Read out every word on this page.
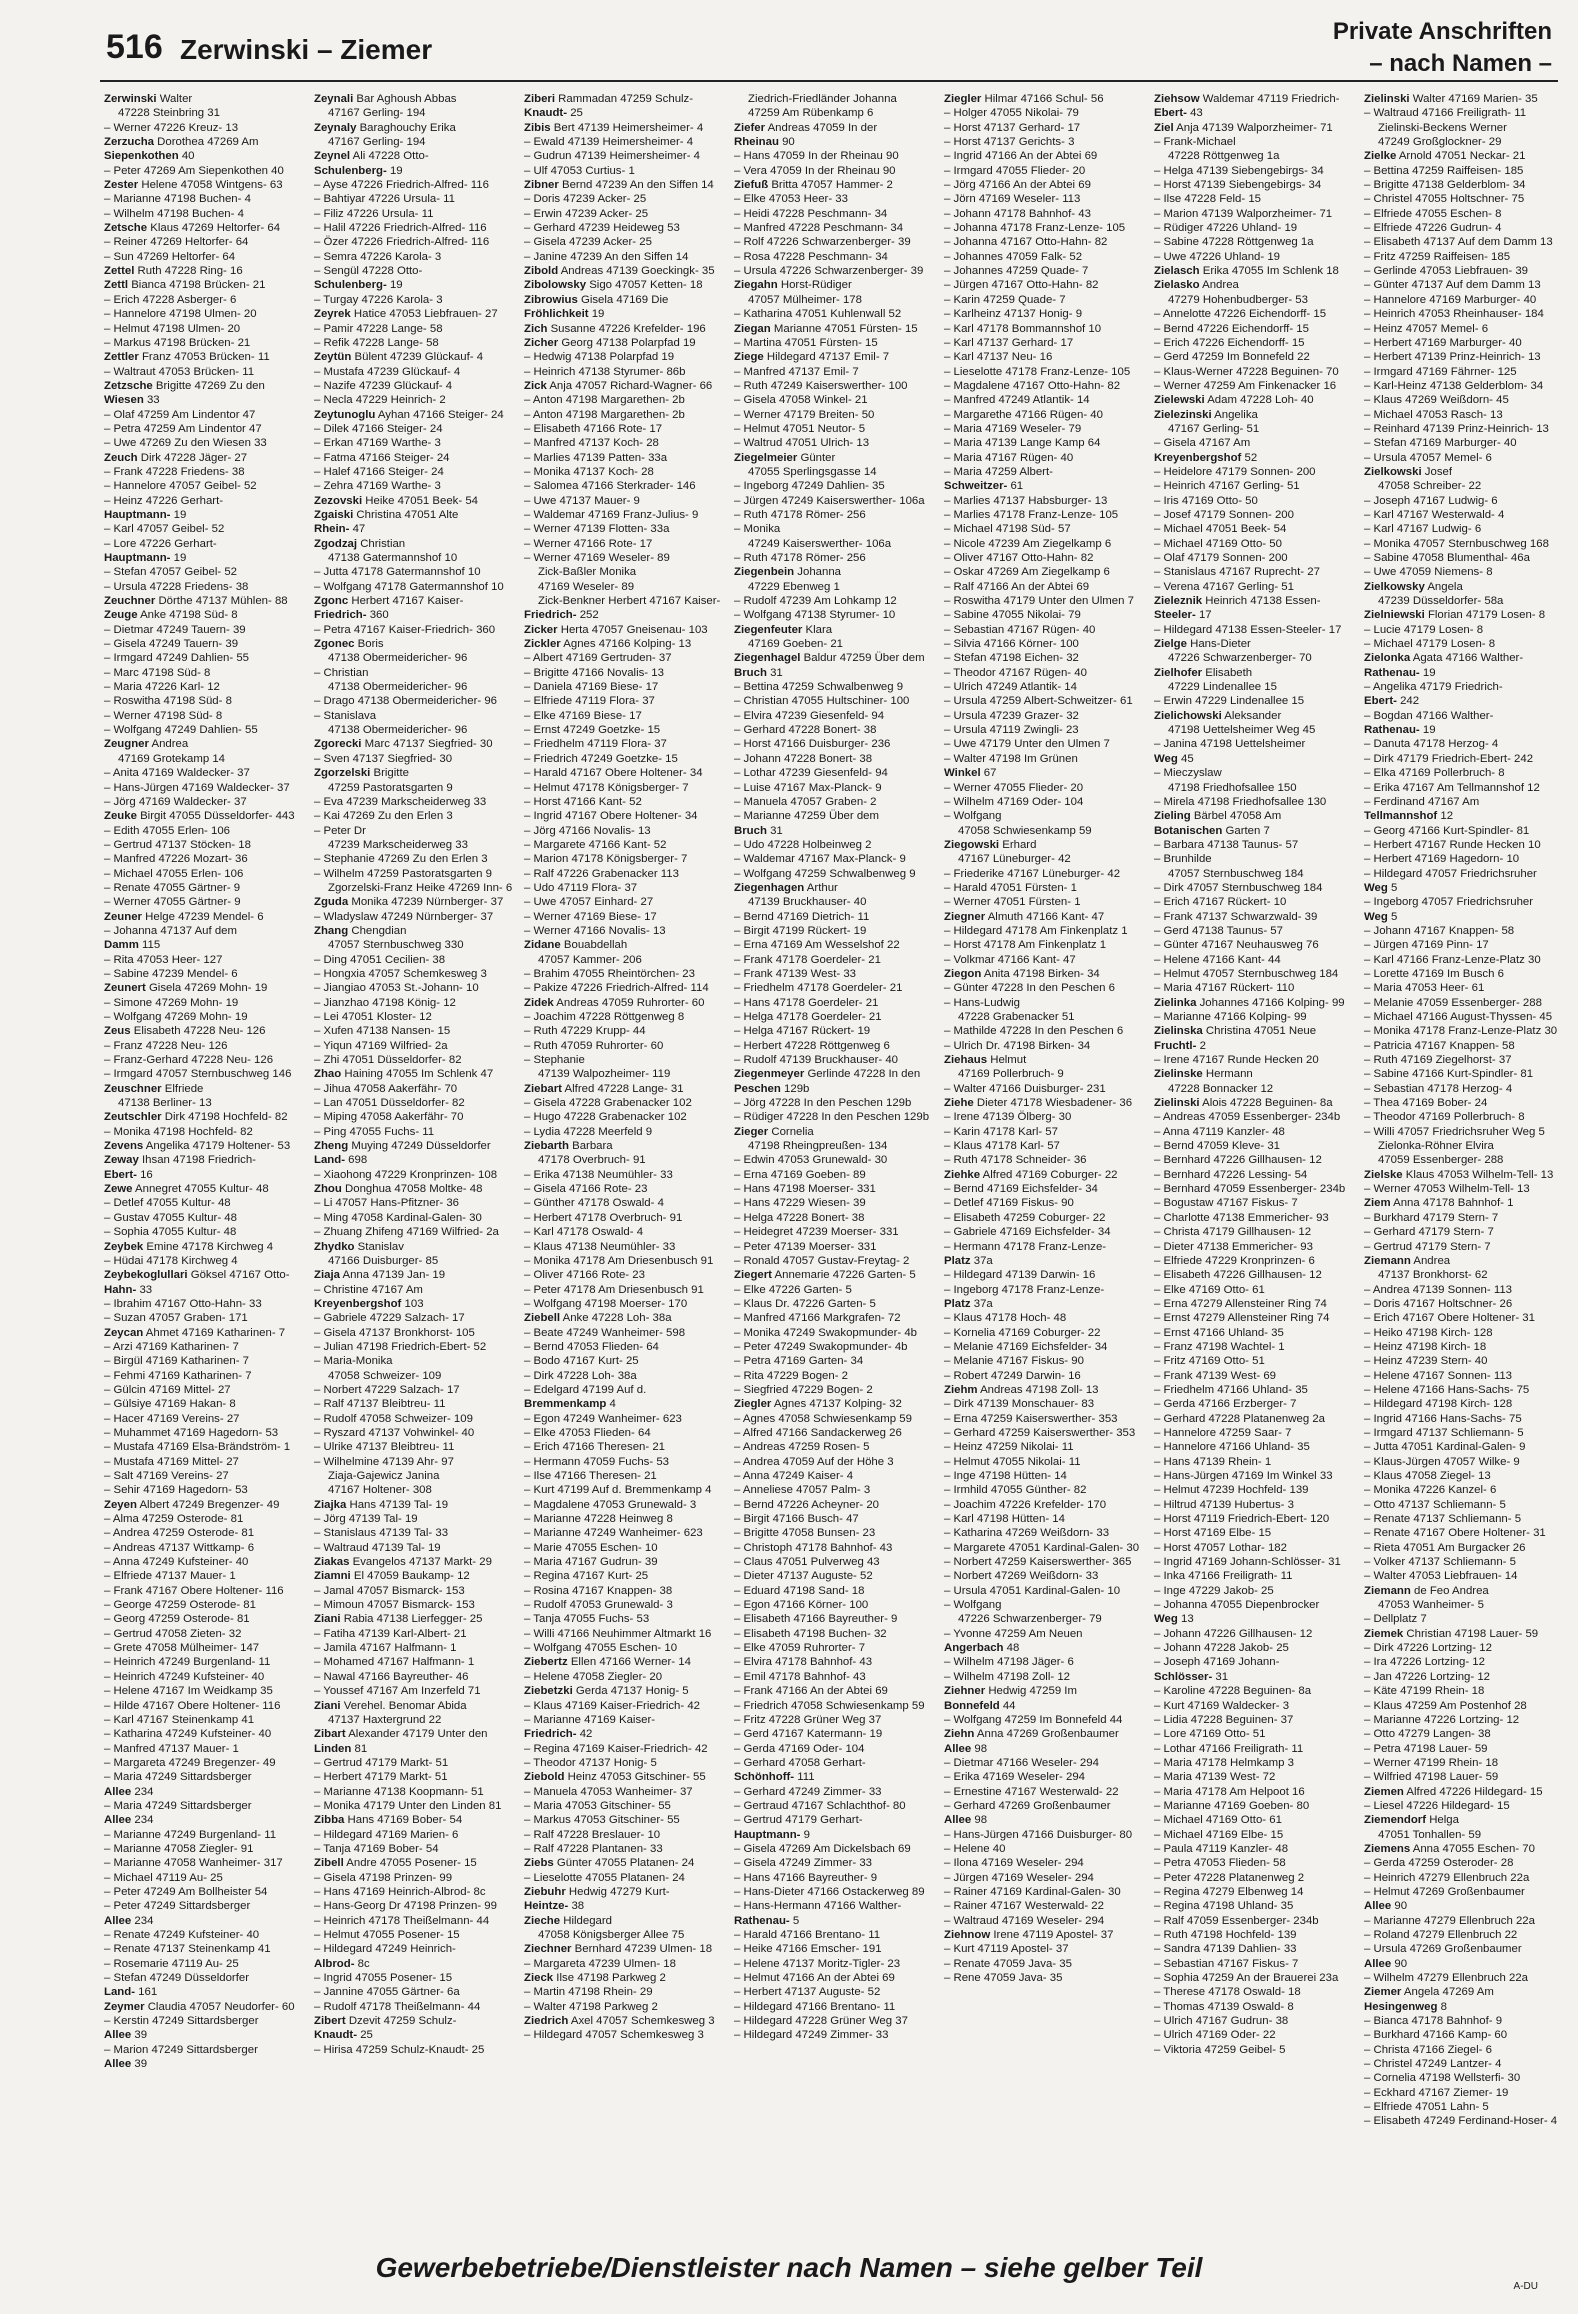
516 Zerwinski – Ziemer
Private Anschriften
– nach Namen –
Zerwinski Walter
47228 Steinbring 31
– Werner 47226 Kreuz- 13
Zerzucha Dorothea 47269 Am
Siepenkothen 40
– Peter 47269 Am Siepenkothen 40
Zester Helene 47058 Wintgens- 63
– Marianne 47198 Buchen- 4
– Wilhelm 47198 Buchen- 4
Zetsche Klaus 47269 Heltorfer- 64
– Reiner 47269 Heltorfer- 64
– Sun 47269 Heltorfer- 64
Zettel Ruth 47228 Ring- 16
Zettl Bianca 47198 Brücken- 21
– Erich 47228 Asberger- 6
– Hannelore 47198 Ulmen- 20
– Helmut 47198 Ulmen- 20
– Markus 47198 Brücken- 21
Zettler Franz 47053 Brücken- 11
– Waltraut 47053 Brücken- 11
Zetzsche Brigitte 47269 Zu den
Wiesen 33
– Olaf 47259 Am Lindentor 47
– Petra 47259 Am Lindentor 47
– Uwe 47269 Zu den Wiesen 33
Zeuch Dirk 47228 Jäger- 27
– Frank 47228 Friedens- 38
– Hannelore 47057 Geibel- 52
– Heinz 47226 Gerhart-
Hauptmann- 19
– Karl 47057 Geibel- 52
– Lore 47226 Gerhart-
Hauptmann- 19
– Stefan 47057 Geibel- 52
– Ursula 47228 Friedens- 38
Zeuchner Dörthe 47137 Mühlen- 88
Zeuge Anke 47198 Süd- 8
– Dietmar 47249 Tauern- 39
– Gisela 47249 Tauern- 39
– Irmgard 47249 Dahlien- 55
– Marc 47198 Süd- 8
– Maria 47226 Karl- 12
– Roswitha 47198 Süd- 8
– Werner 47198 Süd- 8
– Wolfgang 47249 Dahlien- 55
Zeugner Andrea
47169 Grotekamp 14
– Anita 47169 Waldecker- 37
– Hans-Jürgen 47169 Waldecker- 37
– Jörg 47169 Waldecker- 37
Zeuke Birgit 47055 Düsseldorfer- 443
– Edith 47055 Erlen- 106
– Gertrud 47137 Stöcken- 18
– Manfred 47226 Mozart- 36
– Michael 47055 Erlen- 106
– Renate 47055 Gärtner- 9
– Werner 47055 Gärtner- 9
Zeuner Helge 47239 Mendel- 6
– Johanna 47137 Auf dem
Damm 115
– Rita 47053 Heer- 127
– Sabine 47239 Mendel- 6
Zeunert Gisela 47269 Mohn- 19
– Simone 47269 Mohn- 19
– Wolfgang 47269 Mohn- 19
Zeus Elisabeth 47228 Neu- 126
– Franz 47228 Neu- 126
– Franz-Gerhard 47228 Neu- 126
– Irmgard 47057 Sternbuschweg 146
Zeuschner Elfriede
47138 Berliner- 13
Zeutschler Dirk 47198 Hochfeld- 82
– Monika 47198 Hochfeld- 82
Zevens Angelika 47179 Holtener- 53
Zeway Ihsan 47198 Friedrich-
Ebert- 16
Zewe Annegret 47055 Kultur- 48
– Detlef 47055 Kultur- 48
– Gustav 47055 Kultur- 48
– Sophia 47055 Kultur- 48
Zeybek Emine 47178 Kirchweg 4
– Hüdai 47178 Kirchweg 4
Zeybekoglullari Göksel 47167 Otto-
Hahn- 33
– Ibrahim 47167 Otto-Hahn- 33
– Suzan 47057 Graben- 171
Zeycan Ahmet 47169 Katharinen- 7
– Arzi 47169 Katharinen- 7
– Birgül 47169 Katharinen- 7
– Fehmi 47169 Katharinen- 7
– Gülcin 47169 Mittel- 27
– Gülsiye 47169 Hakan- 8
– Hacer 47169 Vereins- 27
– Muhammet 47169 Hagedorn- 53
– Mustafa 47169 Elsa-Brändström- 1
– Mustafa 47169 Mittel- 27
– Salt 47169 Vereins- 27
– Sehir 47169 Hagedorn- 53
Zeyen Albert 47249 Bregenzer- 49
– Alma 47259 Osterode- 81
– Andrea 47259 Osterode- 81
– Andreas 47137 Wittkamp- 6
– Anna 47249 Kufsteiner- 40
– Elfriede 47137 Mauer- 1
– Frank 47167 Obere Holtener- 116
– George 47259 Osterode- 81
– Georg 47259 Osterode- 81
– Gertrud 47058 Zieten- 32
– Grete 47058 Mülheimer- 147
– Heinrich 47249 Burgenland- 11
– Heinrich 47249 Kufsteiner- 40
– Helene 47167 Im Weidkamp 35
– Hilde 47167 Obere Holtener- 116
– Karl 47167 Steinenkamp 41
– Katharina 47249 Kufsteiner- 40
– Manfred 47137 Mauer- 1
– Margareta 47249 Bregenzer- 49
– Maria 47249 Sittardsberger
Allee 234
– Maria 47249 Sittardsberger
Allee 234
– Marianne 47249 Burgenland- 11
– Marianne 47058 Ziegler- 91
– Marianne 47058 Wanheimer- 317
– Michael 47119 Au- 25
– Peter 47249 Am Bollheister 54
– Peter 47249 Sittardsberger
Allee 234
– Renate 47249 Kufsteiner- 40
– Renate 47137 Steinenkamp 41
– Rosemarie 47119 Au- 25
– Stefan 47249 Düsseldorfer
Land- 161
Zeymer Claudia 47057 Neudorfer- 60
– Kerstin 47249 Sittardsberger
Allee 39
– Marion 47249 Sittardsberger
Allee 39
Zeynali Bar Aghoush Abbas
47167 Gerling- 194
Zeynaly Baraghouchy Erika
47167 Gerling- 194
Zeynel Ali 47228 Otto-
Schulenberg- 19
– Ayse 47226 Friedrich-Alfred- 116
– Bahtiyar 47226 Ursula- 11
– Filiz 47226 Ursula- 11
– Halil 47226 Friedrich-Alfred- 116
– Özer 47226 Friedrich-Alfred- 116
– Semra 47226 Karola- 3
– Sengül 47228 Otto-
Schulenberg- 19
– Turgay 47226 Karola- 3
Zeyrek Hatice 47053 Liebfrauen- 27
– Pamir 47228 Lange- 58
– Refik 47228 Lange- 58
Zeytün Bülent 47239 Glückauf- 4
– Mustafa 47239 Glückauf- 4
– Nazife 47239 Glückauf- 4
– Necla 47229 Heinrich- 2
Zeytunoglu Ayhan 47166 Steiger- 24
– Dilek 47166 Steiger- 24
– Erkan 47169 Warthe- 3
– Fatma 47166 Steiger- 24
– Halef 47166 Steiger- 24
– Zehra 47169 Warthe- 3
Zezovski Heike 47051 Beek- 54
Zgaiski Christina 47051 Alte
Rhein- 47
Zgodzaj Christian
47138 Gatermannshof 10
– Jutta 47178 Gatermannshof 10
– Wolfgang 47178 Gatermannshof 10
Zgonc Herbert 47167 Kaiser-
Friedrich- 360
– Petra 47167 Kaiser-Friedrich- 360
Zgonec Boris
47138 Obermeidericher- 96
– Christian
47138 Obermeidericher- 96
– Drago 47138 Obermeidericher- 96
– Stanislava
47138 Obermeidericher- 96
Zgorecki Marc 47137 Siegfried- 30
– Sven 47137 Siegfried- 30
Zgorzelski Brigitte
47259 Pastoratsgarten 9
– Eva 47239 Markscheiderweg 33
– Kai 47269 Zu den Erlen 3
– Peter Dr
47239 Markscheiderweg 33
– Stephanie 47269 Zu den Erlen 3
– Wilhelm 47259 Pastoratsgarten 9
Zgorzelski-Franz Heike 47269 Inn- 6
Zguda Monika 47239 Nürnberger- 37
– Wladyslaw 47249 Nürnberger- 37
Zhang Chengdian
47057 Sternbuschweg 330
– Ding 47051 Cecilien- 38
– Hongxia 47057 Schemkesweg 3
– Jiangiao 47053 St.-Johann- 10
– Jianzhao 47198 König- 12
– Lei 47051 Kloster- 12
– Xufen 47138 Nansen- 15
– Yiqun 47169 Wilfried- 2a
– Zhi 47051 Düsseldorfer- 82
Zhao Haining 47055 Im Schlenk 47
– Jihua 47058 Aakerfähr- 70
– Lan 47051 Düsseldorfer- 82
– Miping 47058 Aakerfähr- 70
– Ping 47055 Fuchs- 11
Zheng Muying 47249 Düsseldorfer
Land- 698
– Xiaohong 47229 Kronprinzen- 108
Zhou Donghua 47058 Moltke- 48
– Li 47057 Hans-Pfitzner- 36
– Ming 47058 Kardinal-Galen- 30
– Zhuang Zhifeng 47169 Wilfried- 2a
Zhydko Stanislav
47166 Duisburger- 85
Ziaja Anna 47139 Jan- 19
– Christine 47167 Am
Kreyenbergshof 103
– Gabriele 47229 Salzach- 17
– Gisela 47137 Bronkhorst- 105
– Julian 47198 Friedrich-Ebert- 52
– Maria-Monika
47058 Schweizer- 109
– Norbert 47229 Salzach- 17
– Ralf 47137 Bleibtreu- 11
– Rudolf 47058 Schweizer- 109
– Ryszard 47137 Vohwinkel- 40
– Ulrike 47137 Bleibtreu- 11
– Wilhelmine 47139 Ahr- 97
Ziaja-Gajewicz Janina
47167 Holtener- 308
Ziajka Hans 47139 Tal- 19
– Jörg 47139 Tal- 19
– Stanislaus 47139 Tal- 33
– Waltraud 47139 Tal- 19
Ziakas Evangelos 47137 Markt- 29
Ziamni El 47059 Baukamp- 12
– Jamal 47057 Bismarck- 153
– Mimoun 47057 Bismarck- 153
Ziani Rabia 47138 Lierfegger- 25
– Fatiha 47139 Karl-Albert- 21
– Jamila 47167 Halfmann- 1
– Mohamed 47167 Halfmann- 1
– Nawal 47166 Bayreuther- 46
– Youssef 47167 Am Inzerfeld 71
Ziani Verehel. Benomar Abida
47137 Haxtergrund 22
Zibart Alexander 47179 Unter den
Linden 81
– Gertrud 47179 Markt- 51
– Herbert 47179 Markt- 51
– Marianne 47138 Koopmann- 51
– Monika 47179 Unter den Linden 81
Zibba Hans 47169 Bober- 54
– Hildegard 47169 Marien- 6
– Tanja 47169 Bober- 54
Zibell Andre 47055 Posener- 15
– Gisela 47198 Prinzen- 99
– Hans 47169 Heinrich-Albrod- 8c
– Hans-Georg Dr 47198 Prinzen- 99
– Heinrich 47178 Theißelmann- 44
– Helmut 47055 Posener- 15
– Hildegard 47249 Heinrich-
Albrod- 8c
– Ingrid 47055 Posener- 15
– Jannine 47055 Gärtner- 6a
– Rudolf 47178 Theißelmann- 44
Zibert Dzevit 47259 Schulz-
Knaudt- 25
– Hirisa 47259 Schulz-Knaudt- 25
Ziberi Rammadan 47259 Schulz-
Knaudt- 25
Zibis Bert 47139 Heimersheimer- 4
– Ewald 47139 Heimersheimer- 4
– Gudrun 47139 Heimersheimer- 4
– Ulf 47053 Curtius- 1
Zibner Bernd 47239 An den Siffen 14
– Doris 47239 Acker- 25
– Erwin 47239 Acker- 25
– Gerhard 47239 Heideweg 53
– Gisela 47239 Acker- 25
– Janine 47239 An den Siffen 14
Zibold Andreas 47139 Goeckingk- 35
Zibolowsky Sigo 47057 Ketten- 18
Zibrowius Gisela 47169 Die
Fröhlichkeit 19
Zich Susanne 47226 Krefelder- 196
Zicher Georg 47138 Polarpfad 19
– Hedwig 47138 Polarpfad 19
– Heinrich 47138 Styrumer- 86b
Zick Anja 47057 Richard-Wagner- 66
– Anton 47198 Margarethen- 2b
– Anton 47198 Margarethen- 2b
– Elisabeth 47166 Rote- 17
– Manfred 47137 Koch- 28
– Marlies 47139 Patten- 33a
– Monika 47137 Koch- 28
– Salomea 47166 Sterkrader- 146
– Uwe 47137 Mauer- 9
– Waldemar 47169 Franz-Julius- 9
– Werner 47139 Flotten- 33a
– Werner 47166 Rote- 17
– Werner 47169 Weseler- 89
Zick-Baßler Monika
47169 Weseler- 89
Zick-Benkner Herbert 47167 Kaiser-
Friedrich- 252
Zicker Herta 47057 Gneisenau- 103
Zickler Agnes 47166 Kolping- 13
– Albert 47169 Gertruden- 37
– Brigitte 47166 Novalis- 13
– Daniela 47169 Biese- 17
– Elfriede 47119 Flora- 37
– Elke 47169 Biese- 17
– Ernst 47249 Goetzke- 15
– Friedhelm 47119 Flora- 37
– Friedrich 47249 Goetzke- 15
– Harald 47167 Obere Holtener- 34
– Helmut 47178 Königsberger- 7
– Horst 47166 Kant- 52
– Ingrid 47167 Obere Holtener- 34
– Jörg 47166 Novalis- 13
– Margarete 47166 Kant- 52
– Marion 47178 Königsberger- 7
– Ralf 47226 Grabenacker 113
– Udo 47119 Flora- 37
– Uwe 47057 Einhard- 27
– Werner 47169 Biese- 17
– Werner 47166 Novalis- 13
Zidane Bouabdellah
47057 Kammer- 206
– Brahim 47055 Rheintörchen- 23
– Pakize 47226 Friedrich-Alfred- 114
Zidek Andreas 47059 Ruhrorter- 60
– Joachim 47228 Röttgenweg 8
– Ruth 47229 Krupp- 44
– Ruth 47059 Ruhrorter- 60
– Stephanie
47139 Walpozheimer- 119
Ziebart Alfred 47228 Lange- 31
– Gisela 47228 Grabenacker 102
– Hugo 47228 Grabenacker 102
– Lydia 47228 Meerfeld 9
Ziebarth Barbara
47178 Overbruch- 91
– Erika 47138 Neumühler- 33
– Gisela 47166 Rote- 23
– Günther 47178 Oswald- 4
– Herbert 47178 Overbruch- 91
– Karl 47178 Oswald- 4
– Klaus 47138 Neumühler- 33
– Monika 47178 Am Driesenbusch 91
– Oliver 47166 Rote- 23
– Peter 47178 Am Driesenbusch 91
– Wolfgang 47198 Moerser- 170
Ziebell Anke 47228 Loh- 38a
– Beate 47249 Wanheimer- 598
– Bernd 47053 Flieden- 64
– Bodo 47167 Kurt- 25
– Dirk 47228 Loh- 38a
– Edelgard 47199 Auf d.
Bremmenkamp 4
– Egon 47249 Wanheimer- 623
– Elke 47053 Flieden- 64
– Erich 47166 Theresen- 21
– Hermann 47059 Fuchs- 53
– Ilse 47166 Theresen- 21
– Kurt 47199 Auf d. Bremmenkamp 4
– Magdalene 47053 Grunewald- 3
– Marianne 47228 Heinweg 8
– Marianne 47249 Wanheimer- 623
– Marie 47055 Eschen- 10
– Maria 47167 Gudrun- 39
– Regina 47167 Kurt- 25
– Rosina 47167 Knappen- 38
– Rudolf 47053 Grunewald- 3
– Tanja 47055 Fuchs- 53
– Willi 47166 Neuhimmer Altmarkt 16
– Wolfgang 47055 Eschen- 10
Ziebertz Ellen 47166 Werner- 14
– Helene 47058 Ziegler- 20
Ziebetzki Gerda 47137 Honig- 5
– Klaus 47169 Kaiser-Friedrich- 42
– Marianne 47169 Kaiser-
Friedrich- 42
– Regina 47169 Kaiser-Friedrich- 42
– Theodor 47137 Honig- 5
Ziebold Heinz 47053 Gitschiner- 55
– Manuela 47053 Wanheimer- 37
– Maria 47053 Gitschiner- 55
– Markus 47053 Gitschiner- 55
– Ralf 47228 Breslauer- 10
– Ralf 47228 Plantanen- 33
Ziebs Günter 47055 Platanen- 24
– Lieselotte 47055 Platanen- 24
Ziebuhr Hedwig 47279 Kurt-
Heintze- 38
Zieche Hildegard
47058 Königsberger Allee 75
Ziechner Bernhard 47239 Ulmen- 18
– Margareta 47239 Ulmen- 18
Zieck Ilse 47198 Parkweg 2
– Martin 47198 Rhein- 29
– Walter 47198 Parkweg 2
Ziedrich Axel 47057 Schemkesweg 3
– Hildegard 47057 Schemkesweg 3
Ziedrich-Friedländer Johanna
47259 Am Rübenkamp 6
Ziefer Andreas 47059 In der
Rheinau 90
– Hans 47059 In der Rheinau 90
– Vera 47059 In der Rheinau 90
Ziefuß Britta 47057 Hammer- 2
– Elke 47053 Heer- 33
– Heidi 47228 Peschmann- 34
– Manfred 47228 Peschmann- 34
– Rolf 47226 Schwarzenberger- 39
– Rosa 47228 Peschmann- 34
– Ursula 47226 Schwarzenberger- 39
Ziegahn Horst-Rüdiger
47057 Mülheimer- 178
– Katharina 47051 Kuhlenwall 52
Ziegan Marianne 47051 Fürsten- 15
– Martina 47051 Fürsten- 15
Ziege Hildegard 47137 Emil- 7
– Manfred 47137 Emil- 7
– Ruth 47249 Kaiserswerther- 100
– Gisela 47058 Winkel- 21
– Werner 47179 Breiten- 50
– Helmut 47051 Neutor- 5
– Waltrud 47051 Ulrich- 13
Ziegelmeier Günter
47055 Sperlingsgasse 14
– Ingeborg 47249 Dahlien- 35
– Jürgen 47249 Kaiserswerther- 106a
– Ruth 47178 Römer- 256
– Monika
47249 Kaiserswerther- 106a
– Ruth 47178 Römer- 256
Ziegenbein Johanna
47229 Ebenweg 1
– Rudolf 47239 Am Lohkamp 12
– Wolfgang 47138 Styrumer- 10
Ziegenfeuter Klara
47169 Goeben- 21
Ziegenhagel Baldur 47259 Über dem
Bruch 31
– Bettina 47259 Schwalbenweg 9
– Christian 47055 Hultschiner- 100
– Elvira 47239 Giesenfeld- 94
– Gerhard 47228 Bonert- 38
– Horst 47166 Duisburger- 236
– Johann 47228 Bonert- 38
– Lothar 47239 Giesenfeld- 94
– Luise 47167 Max-Planck- 9
– Manuela 47057 Graben- 2
– Marianne 47259 Über dem
Bruch 31
– Udo 47228 Holbeinweg 2
– Waldemar 47167 Max-Planck- 9
– Wolfgang 47259 Schwalbenweg 9
Ziegenhagen Arthur
47139 Bruckhauser- 40
– Bernd 47169 Dietrich- 11
– Birgit 47199 Rückert- 19
– Erna 47169 Am Wesselshof 22
– Frank 47178 Goerdeler- 21
– Frank 47139 West- 33
– Friedhelm 47178 Goerdeler- 21
– Hans 47178 Goerdeler- 21
– Helga 47178 Goerdeler- 21
– Helga 47167 Rückert- 19
– Herbert 47228 Röttgenweg 6
– Rudolf 47139 Bruckhauser- 40
Ziegenmeyer Gerlinde 47228 In den
Peschen 129b
– Jörg 47228 In den Peschen 129b
– Rüdiger 47228 In den Peschen 129b
Zieger Cornelia
47198 Rheingpreußen- 134
– Edwin 47053 Grunewald- 30
– Erna 47169 Goeben- 89
– Hans 47198 Moerser- 331
– Hans 47229 Wiesen- 39
– Helga 47228 Bonert- 38
– Heidegret 47239 Moerser- 331
– Peter 47139 Moerser- 331
– Ronald 47057 Gustav-Freytag- 2
Ziegert Annemarie 47226 Garten- 5
– Elke 47226 Garten- 5
– Klaus Dr. 47226 Garten- 5
– Manfred 47166 Markgrafen- 72
– Monika 47249 Swakopmunder- 4b
– Peter 47249 Swakopmunder- 4b
– Petra 47169 Garten- 34
– Rita 47229 Bogen- 2
– Siegfried 47229 Bogen- 2
Ziegler Agnes 47137 Kolping- 32
– Agnes 47058 Schwiesenkamp 59
– Alfred 47166 Sandackerweg 26
– Andreas 47259 Rosen- 5
– Andrea 47059 Auf der Höhe 3
– Anna 47249 Kaiser- 4
– Anneliese 47057 Palm- 3
– Bernd 47226 Acheyner- 20
– Birgit 47166 Busch- 47
– Brigitte 47058 Bunsen- 23
– Christoph 47178 Bahnhof- 43
– Claus 47051 Pulverweg 43
– Dieter 47137 Auguste- 52
– Eduard 47198 Sand- 18
– Egon 47166 Körner- 100
– Elisabeth 47166 Bayreuther- 9
– Elisabeth 47198 Buchen- 32
– Elke 47059 Ruhrorter- 7
– Elvira 47178 Bahnhof- 43
– Emil 47178 Bahnhof- 43
– Frank 47166 An der Abtei 69
– Friedrich 47058 Schwiesenkamp 59
– Fritz 47228 Grüner Weg 37
– Gerd 47167 Katermann- 19
– Gerda 47169 Oder- 104
– Gerhard 47058 Gerhart-
Schönhoff- 111
– Gerhard 47249 Zimmer- 33
– Gertraud 47167 Schlachthof- 80
– Gertrud 47179 Gerhart-
Hauptmann- 9
– Gisela 47269 Am Dickelsbach 69
– Gisela 47249 Zimmer- 33
– Hans 47166 Bayreuther- 9
– Hans-Dieter 47166 Ostackerweg 89
– Hans-Hermann 47166 Walther-
Rathenau- 5
– Harald 47166 Brentano- 11
– Heike 47166 Emscher- 191
– Helene 47137 Moritz-Tigler- 23
– Helmut 47166 An der Abtei 69
– Herbert 47137 Auguste- 52
– Hildegard 47166 Brentano- 11
– Hildegard 47228 Grüner Weg 37
– Hildegard 47249 Zimmer- 33
Ziegler Hilmar 47166 Schul- 56
– Holger 47055 Nikolai- 79
– Horst 47137 Gerhard- 17
– Horst 47137 Gerichts- 3
– Ingrid 47166 An der Abtei 69
– Irmgard 47055 Flieder- 20
– Jörg 47166 An der Abtei 69
– Jörn 47169 Weseler- 113
– Johann 47178 Bahnhof- 43
– Johanna 47178 Franz-Lenze- 105
– Johanna 47167 Otto-Hahn- 82
– Johannes 47059 Falk- 52
– Johannes 47259 Quade- 7
– Jürgen 47167 Otto-Hahn- 82
– Karin 47259 Quade- 7
– Karlheinz 47137 Honig- 9
– Karl 47178 Bommannshof 10
– Karl 47137 Gerhard- 17
– Karl 47137 Neu- 16
– Lieselotte 47178 Franz-Lenze- 105
– Magdalene 47167 Otto-Hahn- 82
– Manfred 47249 Atlantik- 14
– Margarethe 47166 Rügen- 40
– Maria 47169 Weseler- 79
– Maria 47139 Lange Kamp 64
– Maria 47167 Rügen- 40
– Maria 47259 Albert-
Schweitzer- 61
– Marlies 47137 Habsburger- 13
– Marlies 47178 Franz-Lenze- 105
– Michael 47198 Süd- 57
– Nicole 47239 Am Ziegelkamp 6
– Oliver 47167 Otto-Hahn- 82
– Oskar 47269 Am Ziegelkamp 6
– Ralf 47166 An der Abtei 69
– Roswitha 47179 Unter den Ulmen 7
– Sabine 47055 Nikolai- 79
– Sebastian 47167 Rügen- 40
– Silvia 47166 Körner- 100
– Stefan 47198 Eichen- 32
– Theodor 47167 Rügen- 40
– Ulrich 47249 Atlantik- 14
– Ursula 47259 Albert-Schweitzer- 61
– Ursula 47239 Grazer- 32
– Ursula 47119 Zwingli- 23
– Uwe 47179 Unter den Ulmen 7
– Walter 47198 Im Grünen
Winkel 67
– Werner 47055 Flieder- 20
– Wilhelm 47169 Oder- 104
– Wolfgang
47058 Schwiesenkamp 59
Ziegowski Erhard
47167 Lüneburger- 42
– Friederike 47167 Lüneburger- 42
– Harald 47051 Fürsten- 1
– Werner 47051 Fürsten- 1
Ziegner Almuth 47166 Kant- 47
– Hildegard 47178 Am Finkenplatz 1
– Horst 47178 Am Finkenplatz 1
– Volkmar 47166 Kant- 47
Ziegon Anita 47198 Birken- 34
– Günter 47228 In den Peschen 6
– Hans-Ludwig
47228 Grabenacker 51
– Mathilde 47228 In den Peschen 6
– Ulrich Dr. 47198 Birken- 34
Ziehaus Helmut
47169 Pollerbruch- 9
– Walter 47166 Duisburger- 231
Ziehe Dieter 47178 Wiesbadener- 36
– Irene 47139 Ölberg- 30
– Karin 47178 Karl- 57
– Klaus 47178 Karl- 57
– Ruth 47178 Schneider- 36
Ziehke Alfred 47169 Coburger- 22
– Bernd 47169 Eichsfelder- 34
– Detlef 47169 Fiskus- 90
– Elisabeth 47259 Coburger- 22
– Gabriele 47169 Eichsfelder- 34
– Hermann 47178 Franz-Lenze-
Platz 37a
– Hildegard 47139 Darwin- 16
– Ingeborg 47178 Franz-Lenze-
Platz 37a
– Klaus 47178 Hoch- 48
– Kornelia 47169 Coburger- 22
– Melanie 47169 Eichsfelder- 34
– Melanie 47167 Fiskus- 90
– Robert 47249 Darwin- 16
Ziehm Andreas 47198 Zoll- 13
– Dirk 47139 Monschauer- 83
– Erna 47259 Kaiserswerther- 353
– Gerhard 47259 Kaiserswerther- 353
– Heinz 47259 Nikolai- 11
– Helmut 47055 Nikolai- 11
– Inge 47198 Hütten- 14
– Irmhild 47055 Günther- 82
– Joachim 47226 Krefelder- 170
– Karl 47198 Hütten- 14
– Katharina 47269 Weißdorn- 33
– Margarete 47051 Kardinal-Galen- 30
– Norbert 47259 Kaiserswerther- 365
– Norbert 47269 Weißdorn- 33
– Ursula 47051 Kardinal-Galen- 10
– Wolfgang
47226 Schwarzenberger- 79
– Yvonne 47259 Am Neuen
Angerbach 48
– Wilhelm 47198 Jäger- 6
– Wilhelm 47198 Zoll- 12
Ziehner Hedwig 47259 Im
Bonnefeld 44
– Wolfgang 47259 Im Bonnefeld 44
Ziehn Anna 47269 Großenbaumer
Allee 98
– Dietmar 47166 Weseler- 294
– Erika 47169 Weseler- 294
– Ernestine 47167 Westerwald- 22
– Gerhard 47269 Großenbaumer
Allee 98
– Hans-Jürgen 47166 Duisburger- 80
– Helene 40
– Ilona 47169 Weseler- 294
– Jürgen 47169 Weseler- 294
– Rainer 47169 Kardinal-Galen- 30
– Rainer 47167 Westerwald- 22
– Waltraud 47169 Weseler- 294
Ziehnow Irene 47119 Apostel- 37
– Kurt 47119 Apostel- 37
– Renate 47059 Java- 35
– Rene 47059 Java- 35
Ziehsow Waldemar 47119 Friedrich-
Ebert- 43
Ziel Anja 47139 Walporzheimer- 71
– Frank-Michael
47228 Röttgenweg 1a
– Helga 47139 Siebengebirgs- 34
– Horst 47139 Siebengebirgs- 34
– Ilse 47228 Feld- 15
– Marion 47139 Walporzheimer- 71
– Rüdiger 47226 Uhland- 19
– Sabine 47228 Röttgenweg 1a
– Uwe 47226 Uhland- 19
Zielasch Erika 47055 Im Schlenk 18
Zielasko Andrea
47279 Hohenbudberger- 53
– Annelotte 47226 Eichendorff- 15
– Bernd 47226 Eichendorff- 15
– Erich 47226 Eichendorff- 15
– Gerd 47259 Im Bonnefeld 22
– Klaus-Werner 47228 Beguinen- 70
– Werner 47259 Am Finkenacker 16
Zielewski Adam 47228 Loh- 40
Zielezinski Angelika
47167 Gerling- 51
– Gisela 47167 Am
Kreyenbergshof 52
– Heidelore 47179 Sonnen- 200
– Heinrich 47167 Gerling- 51
– Iris 47169 Otto- 50
– Josef 47179 Sonnen- 200
– Michael 47051 Beek- 54
– Michael 47169 Otto- 50
– Olaf 47179 Sonnen- 200
– Stanislaus 47167 Ruprecht- 27
– Verena 47167 Gerling- 51
Zieleznik Heinrich 47138 Essen-
Steeler- 17
– Hildegard 47138 Essen-Steeler- 17
Zielge Hans-Dieter
47226 Schwarzenberger- 70
Zielhofer Elisabeth
47229 Lindenallee 15
– Erwin 47229 Lindenallee 15
Zielichowski Aleksander
47198 Uettelsheimer Weg 45
– Janina 47198 Uettelsheimer
Weg 45
– Mieczyslaw
47198 Friedhofsallee 150
– Mirela 47198 Friedhofsallee 130
Zieling Bärbel 47058 Am
Botanischen Garten 7
– Barbara 47138 Taunus- 57
– Brunhilde
47057 Sternbuschweg 184
– Dirk 47057 Sternbuschweg 184
– Erich 47167 Rückert- 10
– Frank 47137 Schwarzwald- 39
– Gerd 47138 Taunus- 57
– Günter 47167 Neuhausweg 76
– Helene 47166 Kant- 44
– Helmut 47057 Sternbuschweg 184
– Maria 47167 Rückert- 110
Zielinka Johannes 47166 Kolping- 99
– Marianne 47166 Kolping- 99
Zielinska Christina 47051 Neue
Fruchtl- 2
– Irene 47167 Runde Hecken 20
Zielinske Hermann
47228 Bonnacker 12
Zielinski Alois 47228 Beguinen- 8a
– Andreas 47059 Essenberger- 234b
– Anna 47119 Kanzler- 48
– Bernd 47059 Kleve- 31
– Bernhard 47226 Gillhausen- 12
– Bernhard 47226 Lessing- 54
– Bernhard 47059 Essenberger- 234b
– Bogustaw 47167 Fiskus- 7
– Charlotte 47138 Emmericher- 93
– Christa 47179 Gillhausen- 12
– Dieter 47138 Emmericher- 93
– Elfriede 47229 Kronprinzen- 6
– Elisabeth 47226 Gillhausen- 12
– Elke 47169 Otto- 61
– Erna 47279 Allensteiner Ring 74
– Ernst 47279 Allensteiner Ring 74
– Ernst 47166 Uhland- 35
– Franz 47198 Wachtel- 1
– Fritz 47169 Otto- 51
– Frank 47139 West- 69
– Friedhelm 47166 Uhland- 35
– Gerda 47166 Erzberger- 7
– Gerhard 47228 Platanenweg 2a
– Hannelore 47259 Saar- 7
– Hannelore 47166 Uhland- 35
– Hans 47139 Rhein- 1
– Hans-Jürgen 47169 Im Winkel 33
– Helmut 47239 Hochfeld- 139
– Hiltrud 47139 Hubertus- 3
– Horst 47119 Friedrich-Ebert- 120
– Horst 47169 Elbe- 15
– Horst 47057 Lothar- 182
– Ingrid 47169 Johann-Schlösser- 31
– Inka 47166 Freiligrath- 11
– Inge 47229 Jakob- 25
– Johanna 47055 Diepenbrocker
Weg 13
– Johann 47226 Gillhausen- 12
– Johann 47228 Jakob- 25
– Joseph 47169 Johann-
Schlösser- 31
– Karoline 47228 Beguinen- 8a
– Kurt 47169 Waldecker- 3
– Lidia 47228 Beguinen- 37
– Lore 47169 Otto- 51
– Lothar 47166 Freiligrath- 11
– Maria 47178 Helmkamp 3
– Maria 47139 West- 72
– Maria 47178 Am Helpoot 16
– Marianne 47169 Goeben- 80
– Michael 47169 Otto- 61
– Michael 47169 Elbe- 15
– Paula 47119 Kanzler- 48
– Petra 47053 Flieden- 58
– Peter 47228 Platanenweg 2
– Regina 47279 Elbenweg 14
– Regina 47198 Uhland- 35
– Ralf 47059 Essenberger- 234b
– Ruth 47198 Hochfeld- 139
– Sandra 47139 Dahlien- 33
– Sebastian 47167 Fiskus- 7
– Sophia 47259 An der Brauerei 23a
– Therese 47178 Oswald- 18
– Thomas 47139 Oswald- 8
– Ulrich 47167 Gudrun- 38
– Ulrich 47169 Oder- 22
– Viktoria 47259 Geibel- 5
Zielinski Walter 47169 Marien- 35
– Waltraud 47166 Freiligrath- 11
Zielinski-Beckens Werner
47249 Großglockner- 29
Zielke Arnold 47051 Neckar- 21
– Bettina 47259 Raiffeisen- 185
– Brigitte 47138 Gelderblom- 34
– Christel 47055 Holtschner- 75
– Elfriede 47055 Eschen- 8
– Elfriede 47226 Gudrun- 4
– Elisabeth 47137 Auf dem Damm 13
– Fritz 47259 Raiffeisen- 185
– Gerlinde 47053 Liebfrauen- 39
– Günter 47137 Auf dem Damm 13
– Hannelore 47169 Marburger- 40
– Heinrich 47053 Rheinhauser- 184
– Heinz 47057 Memel- 6
– Herbert 47169 Marburger- 40
– Herbert 47139 Prinz-Heinrich- 13
– Irmgard 47169 Fährner- 125
– Karl-Heinz 47138 Gelderblom- 34
– Klaus 47269 Weißdorn- 45
– Michael 47053 Rasch- 13
– Reinhard 47139 Prinz-Heinrich- 13
– Stefan 47169 Marburger- 40
– Ursula 47057 Memel- 6
Zielkowski Josef
47058 Schreiber- 22
– Joseph 47167 Ludwig- 6
– Karl 47167 Westerwald- 4
– Karl 47167 Ludwig- 6
– Monika 47057 Sternbuschweg 168
– Sabine 47058 Blumenthal- 46a
– Uwe 47059 Niemens- 8
Zielkowsky Angela
47239 Düsseldorfer- 58a
Zielniewski Florian 47179 Losen- 8
– Lucie 47179 Losen- 8
– Michael 47179 Losen- 8
Zielonka Agata 47166 Walther-
Rathenau- 19
– Angelika 47179 Friedrich-
Ebert- 242
– Bogdan 47166 Walther-
Rathenau- 19
– Danuta 47178 Herzog- 4
– Dirk 47179 Friedrich-Ebert- 242
– Elka 47169 Pollerbruch- 8
– Erika 47167 Am Tellmannshof 12
– Ferdinand 47167 Am
Tellmannshof 12
– Georg 47166 Kurt-Spindler- 81
– Herbert 47167 Runde Hecken 10
– Herbert 47169 Hagedorn- 10
– Hildegard 47057 Friedrichsruher
Weg 5
– Ingeborg 47057 Friedrichsruher
Weg 5
– Johann 47167 Knappen- 58
– Jürgen 47169 Pinn- 17
– Karl 47166 Franz-Lenze-Platz 30
– Lorette 47169 Im Busch 6
– Maria 47053 Heer- 61
– Melanie 47059 Essenberger- 288
– Michael 47166 August-Thyssen- 45
– Monika 47178 Franz-Lenze-Platz 30
– Patricia 47167 Knappen- 58
– Ruth 47169 Ziegelhorst- 37
– Sabine 47166 Kurt-Spindler- 81
– Sebastian 47178 Herzog- 4
– Thea 47169 Bober- 24
– Theodor 47169 Pollerbruch- 8
– Willi 47057 Friedrichsruher Weg 5
Zielonka-Röhner Elvira
47059 Essenberger- 288
Zielske Klaus 47053 Wilhelm-Tell- 13
– Werner 47053 Wilhelm-Tell- 13
Ziem Anna 47178 Bahnhof- 1
– Burkhard 47179 Stern- 7
– Gerhard 47179 Stern- 7
– Gertrud 47179 Stern- 7
Ziemann Andrea
47137 Bronkhorst- 62
– Andrea 47139 Sonnen- 113
– Doris 47167 Holtschner- 26
– Erich 47167 Obere Holtener- 31
– Heiko 47198 Kirch- 128
– Heinz 47198 Kirch- 18
– Heinz 47239 Stern- 40
– Helene 47167 Sonnen- 113
– Helene 47166 Hans-Sachs- 75
– Hildegard 47198 Kirch- 128
– Ingrid 47166 Hans-Sachs- 75
– Irmgard 47137 Schliemann- 5
– Jutta 47051 Kardinal-Galen- 9
– Klaus-Jürgen 47057 Wilke- 9
– Klaus 47058 Ziegel- 13
– Monika 47226 Kanzel- 6
– Otto 47137 Schliemann- 5
– Renate 47137 Schliemann- 5
– Renate 47167 Obere Holtener- 31
– Rieta 47051 Am Burgacker 26
– Volker 47137 Schliemann- 5
– Walter 47053 Liebfrauen- 14
Ziemann de Feo Andrea
47053 Wanheimer- 5
– Dellplatz 7
Ziemek Christian 47198 Lauer- 59
– Dirk 47226 Lortzing- 12
– Ira 47226 Lortzing- 12
– Jan 47226 Lortzing- 12
– Käte 47199 Rhein- 18
– Klaus 47259 Am Postenhof 28
– Marianne 47226 Lortzing- 12
– Otto 47279 Langen- 38
– Petra 47198 Lauer- 59
– Werner 47199 Rhein- 18
– Wilfried 47198 Lauer- 59
Ziemen Alfred 47226 Hildegard- 15
– Liesel 47226 Hildegard- 15
Ziemendorf Helga
47051 Tonhallen- 59
Ziemens Anna 47055 Eschen- 70
– Gerda 47259 Osteroder- 28
– Heinrich 47279 Ellenbruch 22a
– Helmut 47269 Großenbaumer
Allee 90
– Marianne 47279 Ellenbruch 22a
– Roland 47279 Ellenbruch 22
– Ursula 47269 Großenbaumer
Allee 90
– Wilhelm 47279 Ellenbruch 22a
Ziemer Angela 47269 Am
Hesingenweg 8
– Bianca 47178 Bahnhof- 9
– Burkhard 47166 Kamp- 60
– Christa 47166 Ziegel- 6
– Christel 47249 Lantzer- 4
– Cornelia 47198 Wellsterfi- 30
– Eckhard 47167 Ziemer- 19
– Elfriede 47051 Lahn- 5
– Elisabeth 47249 Ferdinand-Hoser- 4
Gewerbebetriebe/Dienstleister nach Namen – siehe gelber Teil
A-DU
